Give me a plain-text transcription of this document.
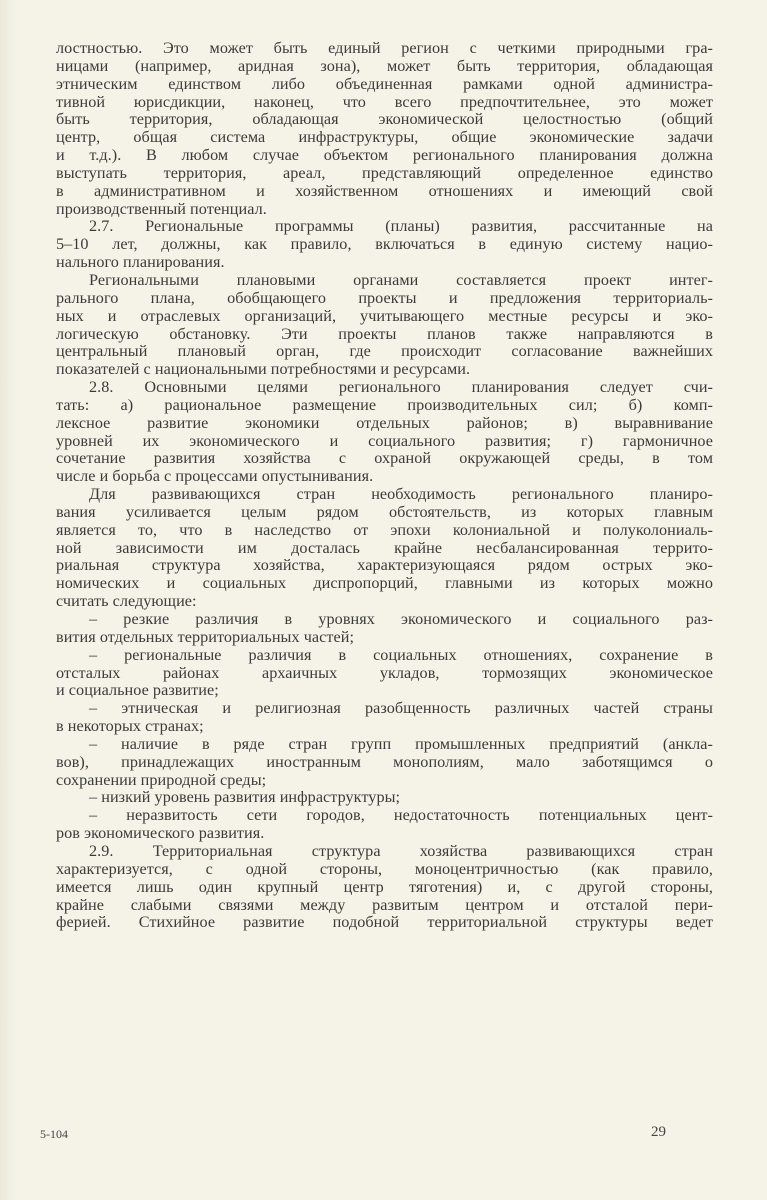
лостностью. Это может быть единый регион с четкими природными гра-
ницами (например, аридная зона), может быть территория, обладающая
этническим единством либо объединенная рамками одной администра-
тивной юрисдикции, наконец, что всего предпочтительнее, это может
быть территория, обладающая экономической целостностью (общий
центр, общая система инфраструктуры, общие экономические задачи
и т.д.). В любом случае объектом регионального планирования должна
выступать территория, ареал, представляющий определенное единство
в административном и хозяйственном отношениях и имеющий свой
производственный потенциал.
2.7. Региональные программы (планы) развития, рассчитанные на
5–10 лет, должны, как правило, включаться в единую систему нацио-
нального планирования.
Региональными плановыми органами составляется проект интег-
рального плана, обобщающего проекты и предложения территориаль-
ных и отраслевых организаций, учитывающего местные ресурсы и эко-
логическую обстановку. Эти проекты планов также направляются в
центральный плановый орган, где происходит согласование важнейших
показателей с национальными потребностями и ресурсами.
2.8. Основными целями регионального планирования следует счи-
тать: а) рациональное размещение производительных сил; б) комп-
лексное развитие экономики отдельных районов; в) выравнивание
уровней их экономического и социального развития; г) гармоничное
сочетание развития хозяйства с охраной окружающей среды, в том
числе и борьба с процессами опустынивания.
Для развивающихся стран необходимость регионального планиро-
вания усиливается целым рядом обстоятельств, из которых главным
является то, что в наследство от эпохи колониальной и полуколониаль-
ной зависимости им досталась крайне несбалансированная террито-
риальная структура хозяйства, характеризующаяся рядом острых эко-
номических и социальных диспропорций, главными из которых можно
считать следующие:
– резкие различия в уровнях экономического и социального раз-
вития отдельных территориальных частей;
– региональные различия в социальных отношениях, сохранение в
отсталых районах архаичных укладов, тормозящих экономическое
и социальное развитие;
– этническая и религиозная разобщенность различных частей страны
в некоторых странах;
– наличие в ряде стран групп промышленных предприятий (анкла-
вов), принадлежащих иностранным монополиям, мало заботящимся о
сохранении природной среды;
– низкий уровень развития инфраструктуры;
– неразвитость сети городов, недостаточность потенциальных цент-
ров экономического развития.
2.9. Территориальная структура хозяйства развивающихся стран
характеризуется, с одной стороны, моноцентричностью (как правило,
имеется лишь один крупный центр тяготения) и, с другой стороны,
крайне слабыми связями между развитым центром и отсталой пери-
ферией. Стихийное развитие подобной территориальной структуры ведет
5-104	29
